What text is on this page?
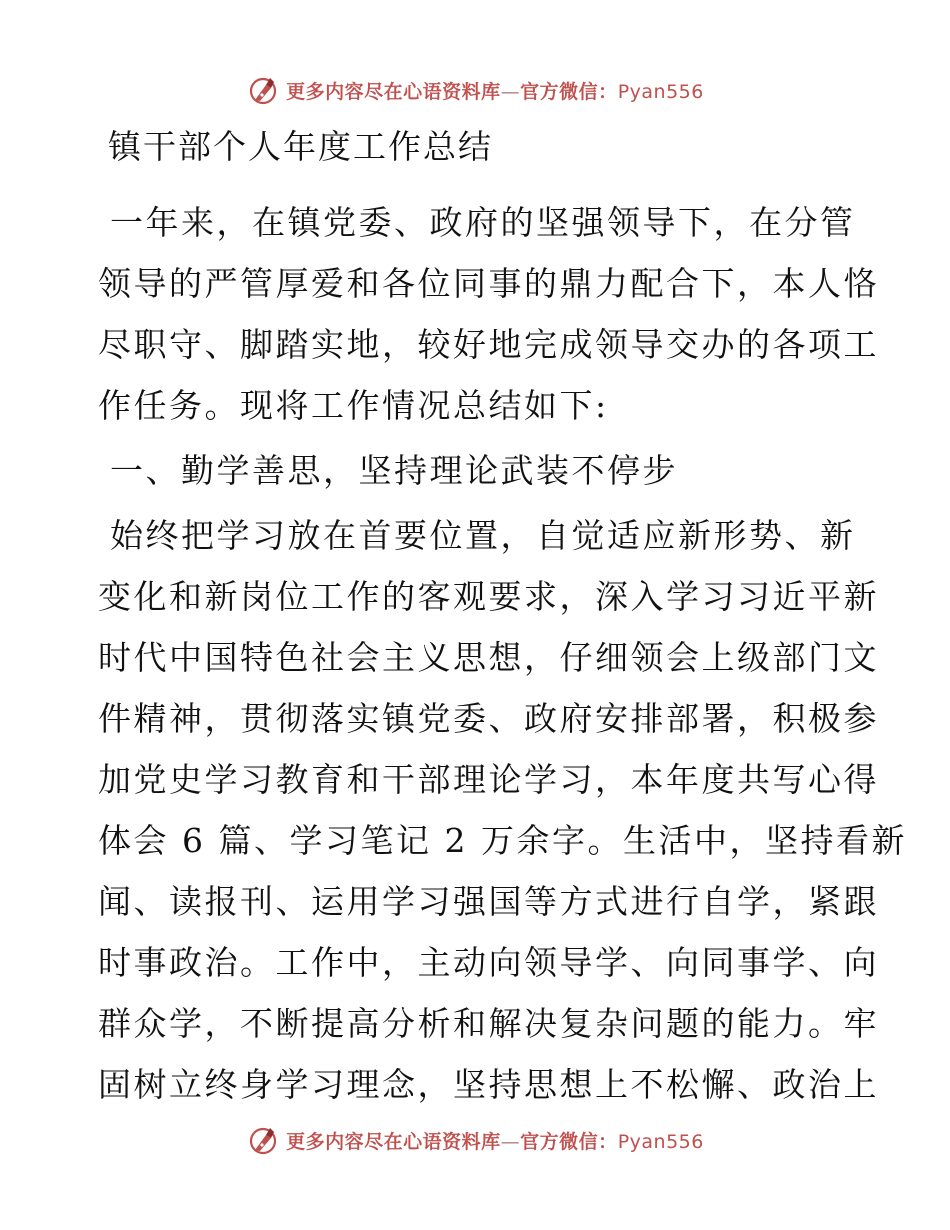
更多内容尽在心语资料库—官方微信：Pyan556
镇干部个人年度工作总结

一年来，在镇党委、政府的坚强领导下，在分管
领导的严管厚爱和各位同事的鼎力配合下，本人恪
尽职守、脚踏实地，较好地完成领导交办的各项工
作任务。现将工作情况总结如下:

一、勤学善思，坚持理论武装不停步

始终把学习放在首要位置，自觉适应新形势、新
变化和新岗位工作的客观要求，深入学习习近平新
时代中国特色社会主义思想，仔细领会上级部门文
件精神，贯彻落实镇党委、政府安排部署，积极参
加党史学习教育和干部理论学习，本年度共写心得
体会 6 篇、学习笔记 2 万余字。生活中，坚持看新
闻、读报刊、运用学习强国等方式进行自学，紧跟
时事政治。工作中，主动向领导学、向同事学、向
群众学，不断提高分析和解决复杂问题的能力。牢
固树立终身学习理念，坚持思想上不松懈、政治上

更多内容尽在心语资料库—官方微信：Pyan556
